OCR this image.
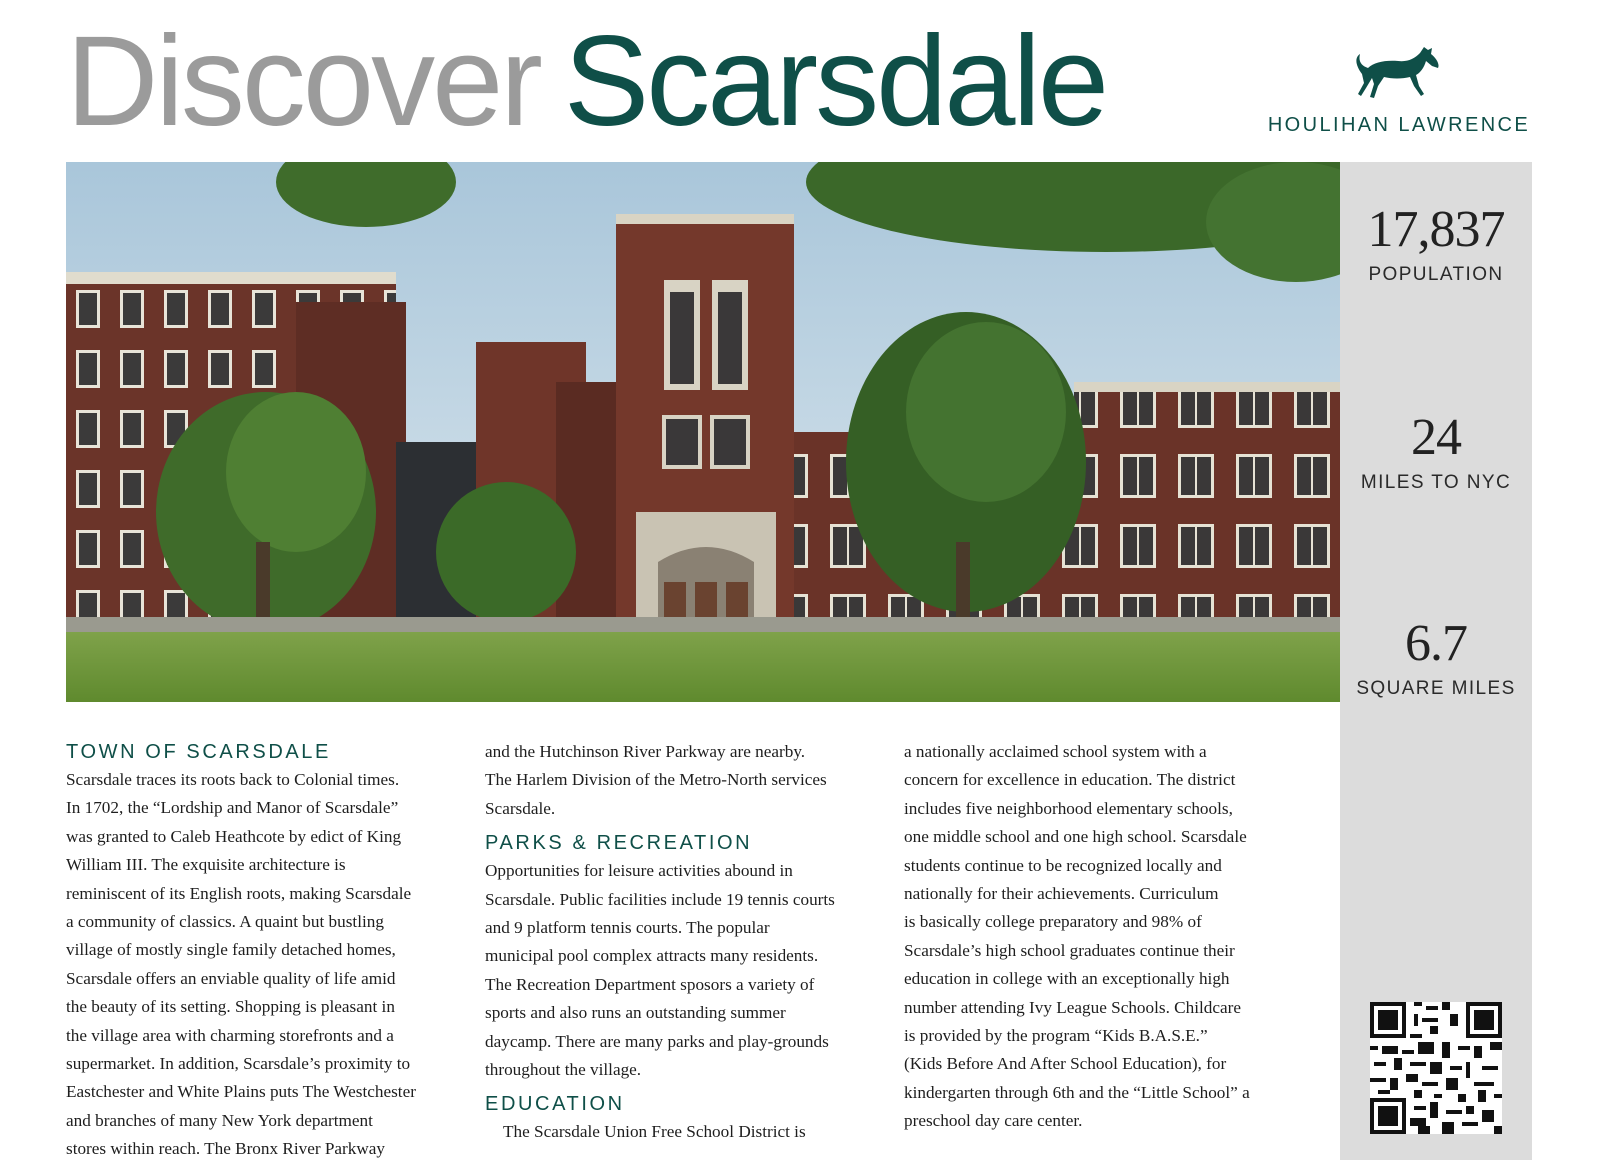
Discover Scarsdale	HOULIHAN LAWRENCE
17,837
POPULATION
24
MILES TO NYC
6.7
SQUARE MILES
TOWN OF SCARSDALE

Scarsdale traces its roots back to Colonial times.

In 1702, the “Lordship and Manor of Scarsdale”

was granted to Caleb Heathcote by edict of King

William III. The exquisite architecture is

reminiscent of its English roots, making Scarsdale

a community of classics. A quaint but bustling

village of mostly single family detached homes,

Scarsdale offers an enviable quality of life amid

the beauty of its setting. Shopping is pleasant in

the village area with charming storefronts and a

supermarket. In addition, Scarsdale’s proximity to

Eastchester and White Plains puts The Westchester

and branches of many New York department

stores within reach. The Bronx River Parkway

and the Hutchinson River Parkway are nearby.

The Harlem Division of the Metro-North services

Scarsdale.

PARKS & RECREATION

Opportunities for leisure activities abound in

Scarsdale. Public facilities include 19 tennis courts

and 9 platform tennis courts. The popular

municipal pool complex attracts many residents.

The Recreation Department sposors a variety of

sports and also runs an outstanding summer

daycamp. There are many parks and play-grounds

throughout the village.

EDUCATION

The Scarsdale Union Free School District is

a nationally acclaimed school system with a

concern for excellence in education. The district

includes five neighborhood elementary schools,

one middle school and one high school. Scarsdale

students continue to be recognized locally and

nationally for their achievements. Curriculum

is basically college preparatory and 98% of

Scarsdale’s high school graduates continue their

education in college with an exceptionally high

number attending Ivy League Schools. Childcare

is provided by the program “Kids B.A.S.E.”

(Kids Before And After School Education), for

kindergarten through 6th and the “Little School” a

preschool day care center.
